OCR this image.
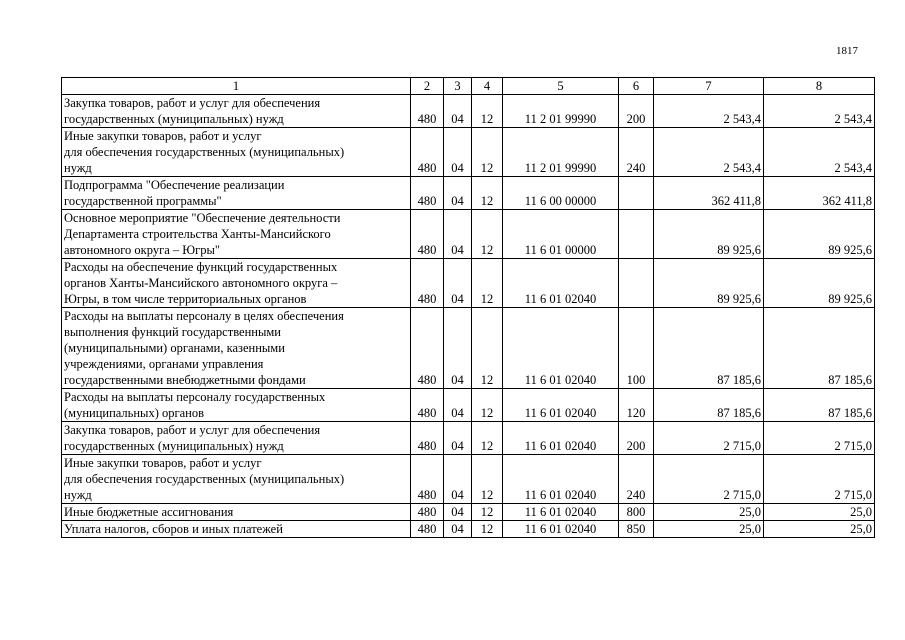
1817
1	2	3	4	5	6	7	8
Закупка товаров, работ и услуг для обеспечения
государственных (муниципальных) нужд	480	04	12	11 2 01 99990	200	2 543,4	2 543,4
Иные закупки товаров, работ и услуг
для обеспечения государственных (муниципальных)
нужд	480	04	12	11 2 01 99990	240	2 543,4	2 543,4
Подпрограмма "Обеспечение реализации
государственной программы"	480	04	12	11 6 00 00000		362 411,8	362 411,8
Основное мероприятие "Обеспечение деятельности
Департамента строительства Ханты-Мансийского
автономного округа – Югры"	480	04	12	11 6 01 00000		89 925,6	89 925,6
Расходы на обеспечение функций государственных
органов Ханты-Мансийского автономного округа –
Югры, в том числе территориальных органов	480	04	12	11 6 01 02040		89 925,6	89 925,6
Расходы на выплаты персоналу в целях обеспечения
выполнения функций государственными
(муниципальными) органами, казенными
учреждениями, органами управления
государственными внебюджетными фондами	480	04	12	11 6 01 02040	100	87 185,6	87 185,6
Расходы на выплаты персоналу государственных
(муниципальных) органов	480	04	12	11 6 01 02040	120	87 185,6	87 185,6
Закупка товаров, работ и услуг для обеспечения
государственных (муниципальных) нужд	480	04	12	11 6 01 02040	200	2 715,0	2 715,0
Иные закупки товаров, работ и услуг
для обеспечения государственных (муниципальных)
нужд	480	04	12	11 6 01 02040	240	2 715,0	2 715,0
Иные бюджетные ассигнования	480	04	12	11 6 01 02040	800	25,0	25,0
Уплата налогов, сборов и иных платежей	480	04	12	11 6 01 02040	850	25,0	25,0
